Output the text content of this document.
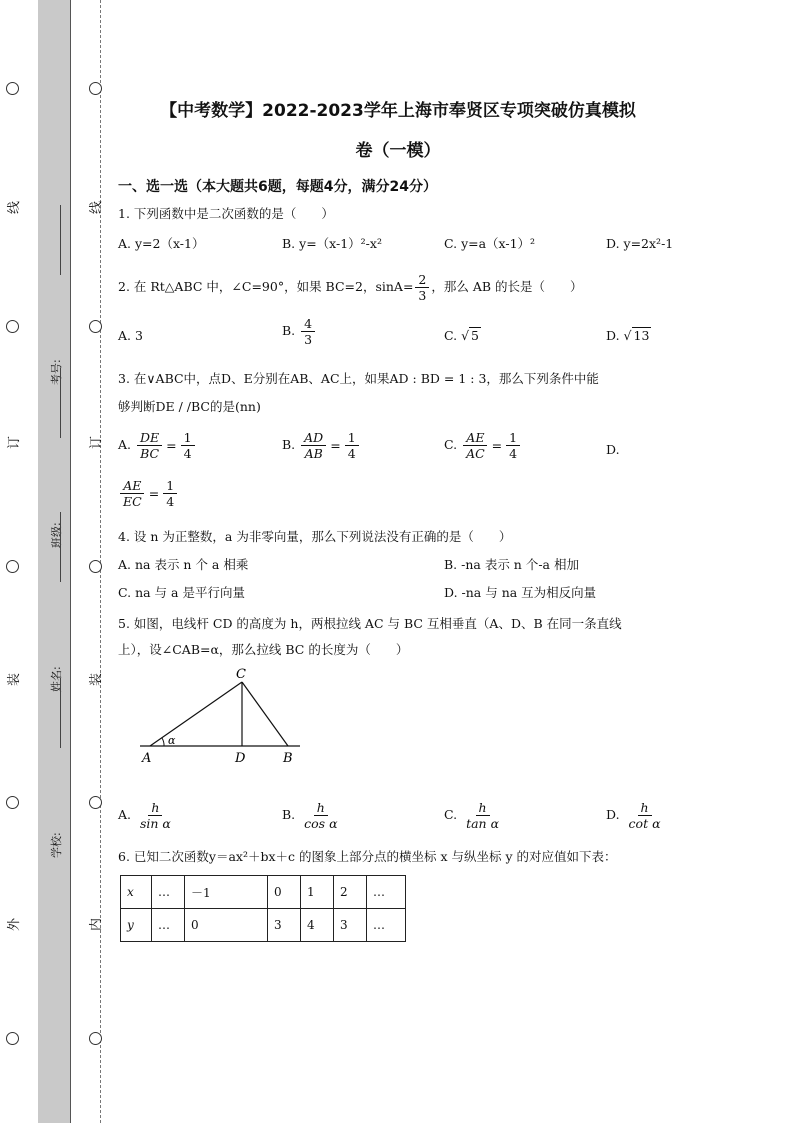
线
订
装
外
线
订
装
内
考号:
班级:
姓名:
学校:
【中考数学】2022-2023学年上海市奉贤区专项突破仿真模拟
卷（一模）
一、选一选（本大题共6题，每题4分，满分24分）
1. 下列函数中是二次函数的是（　　）
A. y=2（x-1）	B. y=（x-1）²-x²	C. y=a（x-1）²	D. y=2x²-1
2. 在 Rt△ABC 中，∠C=90°，如果 BC=2，$\sin A= \frac{2}{3}$ ，那么 AB 的长是（　　）
A. 3	B. $\frac{4}{3}$	C. √ 5	D. √ 13
3. 在∨ABC中，点D、E分别在AB、AC上，如果AD : BD = 1 : 3，那么下列条件中能
够判断DE / /BC的是(nn)
A. $\frac{DE}{BC} = \frac{1}{4}$	B. $\frac{AD}{AB} = \frac{1}{4}$	C. $\frac{AE}{AC} = \frac{1}{4}$	D.
$\frac{AE}{EC} = \frac{1}{4}$
4. 设 n 为正整数，a 为非零向量，那么下列说法没有正确的是（　　）
A. na 表示 n 个 a 相乘	B. -na 表示 n 个-a 相加
C. na 与 a 是平行向量	D. -na 与 na 互为相反向量
5. 如图，电线杆 CD 的高度为 h，两根拉线 AC 与 BC 互相垂直（A、D、B 在同一条直线
上），设∠CAB=α，那么拉线 BC 的长度为（　　）
C
A	D	B
α
A. $\frac{h}{\text{sin α}}$	B. $\frac{h}{\text{cos α}}$	C. $\frac{h}{\text{tan α}}$	D. $\frac{h}{\text{cot α}}$
6. 已知二次函数y＝ax²＋bx＋c 的图象上部分点的横坐标 x 与纵坐标 y 的对应值如下表：
x	…	－1	0	1	2	…
y	…	0	3	4	3	…
